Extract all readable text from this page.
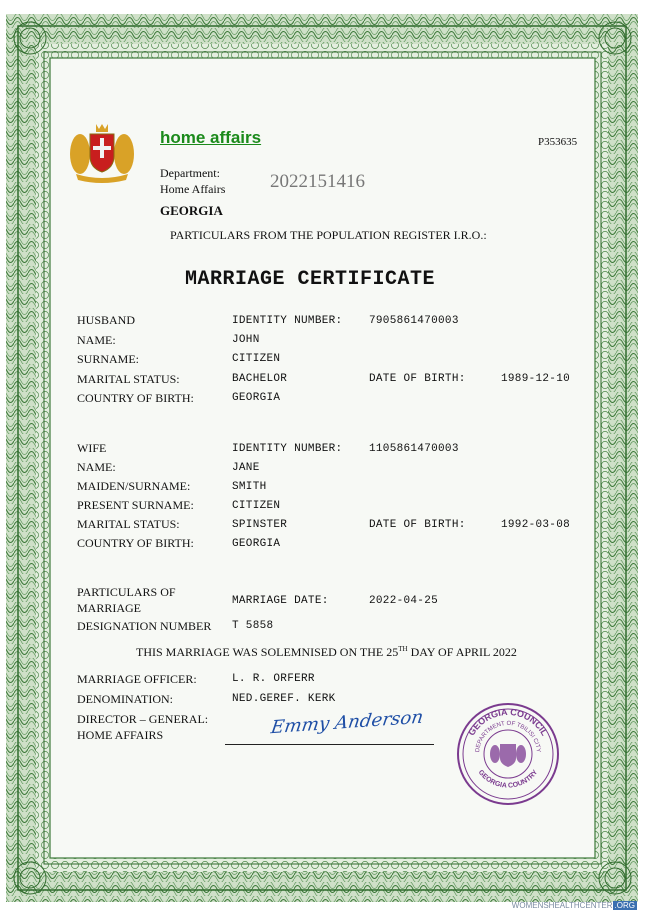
home affairs	P353635
Department:
Home Affairs 2022151416
GEORGIA
PARTICULARS FROM THE POPULATION REGISTER I.R.O.:
MARRIAGE CERTIFICATE
HUSBAND	IDENTITY NUMBER: 7905861470003
NAME:	JOHN
SURNAME:	CITIZEN
MARITAL STATUS:	BACHELOR	DATE OF BIRTH:	1989-12-10
COUNTRY OF BIRTH:	GEORGIA
WIFE	IDENTITY NUMBER: 1105861470003
NAME:	JANE
MAIDEN/SURNAME:	SMITH
PRESENT SURNAME:	CITIZEN
MARITAL STATUS:	SPINSTER	DATE OF BIRTH:	1992-03-08
COUNTRY OF BIRTH:	GEORGIA
PARTICULARS OF
MARRIAGE	MARRIAGE DATE:	2022-04-25
DESIGNATION NUMBER T 5858
THIS MARRIAGE WAS SOLEMNISED ON THE 25TH DAY OF APRIL 2022
MARRIAGE OFFICER:	L. R. ORFERR
DENOMINATION:	NED.GEREF. KERK
DIRECTOR – GENERAL:
HOME AFFAIRS	Emmy Anderson	GEORGIA COUNCIL
DEPARTMENT OF TBILISI CITY
GEORGIA COUNTRY
WOMENSHEALTHCENTER .ORG
